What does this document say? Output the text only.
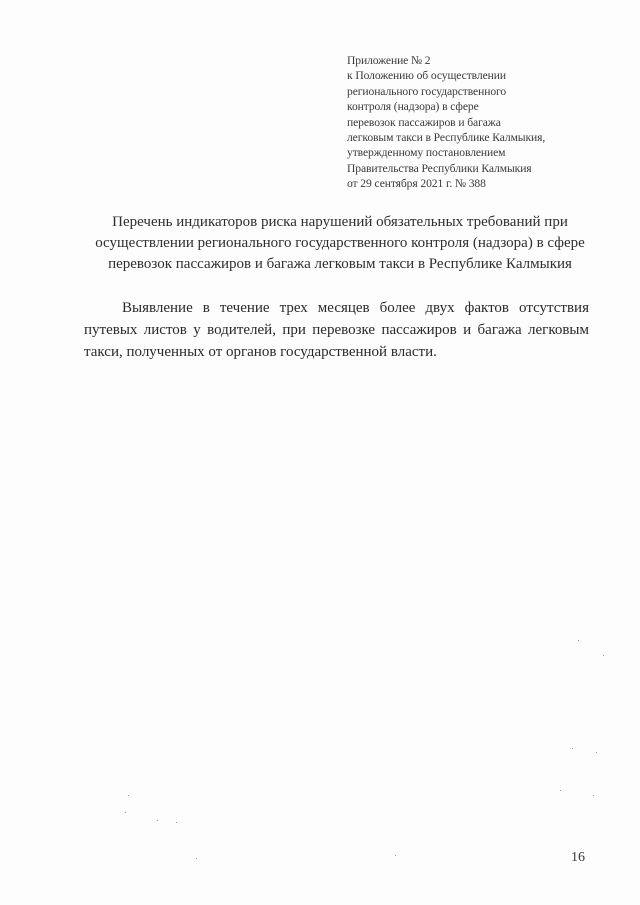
Приложение № 2
к Положению об осуществлении
регионального государственного
контроля (надзора) в сфере
перевозок пассажиров и багажа
легковым такси в Республике Калмыкия,
утвержденному постановлением
Правительства Республики Калмыкия
от 29 сентября 2021 г. № 388
Перечень индикаторов риска нарушений обязательных требований при
осуществлении регионального государственного контроля (надзора) в сфере
перевозок пассажиров и багажа легковым такси в Республике Калмыкия
Выявление в течение трех месяцев более двух фактов отсутствия
путевых листов у водителей, при перевозке пассажиров и багажа легковым
такси, полученных от органов государственной власти.
16
